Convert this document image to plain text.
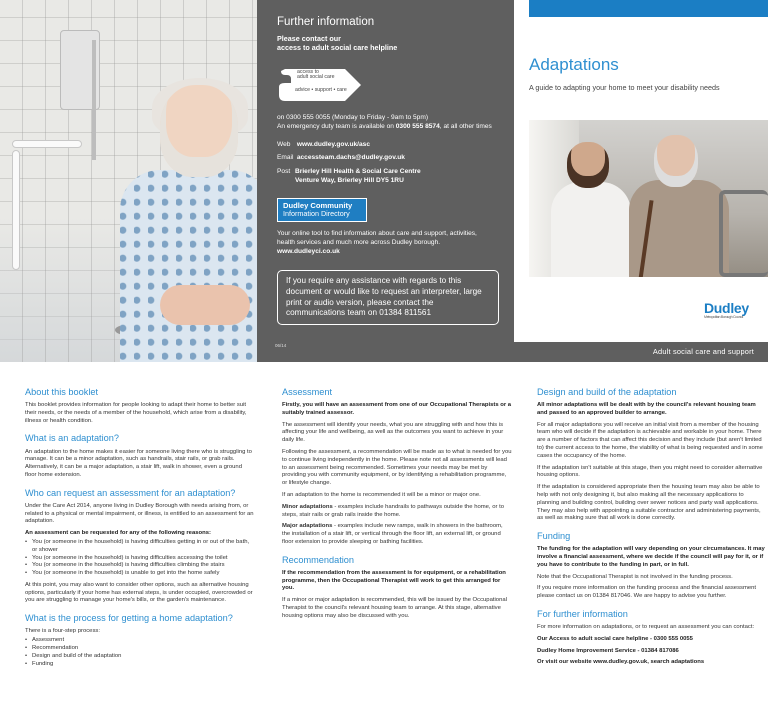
Further information
Please contact our
access to adult social care helpline
access to
adult social care
advice • support • care
on 0300 555 0055 (Monday to Friday - 9am to 5pm)
An emergency duty team is available on 0300 555 8574, at all other times
Web www.dudley.gov.uk/asc
Email accessteam.dachs@dudley.gov.uk
Post Brierley Hill Health & Social Care Centre
Venture Way, Brierley Hill DY5 1RU
Dudley Community
Information Directory
Your online tool to find information about care and support, activities, health services and much more across Dudley borough.
www.dudleyci.co.uk
If you require any assistance with regards to this document or would like to request an interpreter, large print or audio version, please contact the communications team on 01384 811561
06/14
Adaptations
A guide to adapting your home to meet your disability needs
Dudley
Metropolitan Borough Council
Adult social care and support
About this booklet

This booklet provides information for people looking to adapt their home to better suit their needs, or the needs of a member of the household, which arise from a disability, illness or health condition.

What is an adaptation?

An adaptation to the home makes it easier for someone living there who is struggling to manage. It can be a minor adaptation, such as handrails, stair rails, or grab rails. Alternatively, it can be a major adaptation, a stair lift, walk in shower, even a ground floor home extension.

Who can request an assessment for an adaptation?

Under the Care Act 2014, anyone living in Dudley Borough with needs arising from, or related to a physical or mental impairment, or illness, is entitled to an assessment for an adaptation.

An assessment can be requested for any of the following reasons:

• You (or someone in the household) is having difficulties getting in or out of the bath, or shower
• You (or someone in the household) is having difficulties accessing the toilet
• You (or someone in the household) is having difficulties climbing the stairs
• You (or someone in the household) is unable to get into the home safely

At this point, you may also want to consider other options, such as alternative housing options, particularly if your home has external steps, is under occupied, overcrowded or you are struggling to manage your home's bills, or the garden's maintenance.

What is the process for getting a home adaptation?

There is a four-step process:

• Assessment
• Recommendation
• Design and build of the adaptation
• Funding
Assessment

Firstly, you will have an assessment from one of our Occupational Therapists or a suitably trained assessor.

The assessment will identify your needs, what you are struggling with and how this is affecting your life and wellbeing, as well as the outcomes you want to achieve in your daily life.

Following the assessment, a recommendation will be made as to what is needed for you to continue living independently in the home. Please note not all assessments will lead to an assessment being recommended. Sometimes your needs may be met by providing you with community equipment, or by identifying a rehabilitation programme, or lifestyle change.

If an adaptation to the home is recommended it will be a minor or major one.

Minor adaptations - examples include handrails to pathways outside the home, or to steps, stair rails or grab rails inside the home.

Major adaptations - examples include new ramps, walk in showers in the bathroom, the installation of a stair lift, or vertical through the floor lift, an external lift, or ground floor extension to provide sleeping or bathing facilities.

Recommendation

If the recommendation from the assessment is for equipment, or a rehabilitation programme, then the Occupational Therapist will work to get this arranged for you.

If a minor or major adaptation is recommended, this will be issued by the Occupational Therapist to the council's relevant housing team to arrange. At this stage, alternative housing options may also be discussed with you.

Design and build of the adaptation

All minor adaptations will be dealt with by the council's relevant housing team and passed to an approved builder to arrange.

For all major adaptations you will receive an initial visit from a member of the housing team who will decide if the adaptation is achievable and workable in your home. There are a number of factors that can affect this decision and they include (but aren't limited to) the current access to the home, the viability of what is being requested and in some cases the occupancy of the home.

If the adaptation isn't suitable at this stage, then you might need to consider alternative housing options.

If the adaptation is considered appropriate then the housing team may also be able to help with not only designing it, but also making all the necessary applications to planning and building control, building over sewer notices and party wall applications. They may also help with appointing a suitable contractor and administering payments, as well as making sure that all work is done correctly.

Funding

The funding for the adaptation will vary depending on your circumstances. It may involve a financial assessment, where we decide if the council will pay for it, or if you have to contribute to the funding in part, or in full.

Note that the Occupational Therapist is not involved in the funding process.

If you require more information on the funding process and the financial assessment please contact us on 01384 817046. We are happy to advise you further.

For further information

For more information on adaptations, or to request an assessment you can contact:

Our Access to adult social care helpline - 0300 555 0055

Dudley Home Improvement Service - 01384 817086

Or visit our website www.dudley.gov.uk, search adaptations
